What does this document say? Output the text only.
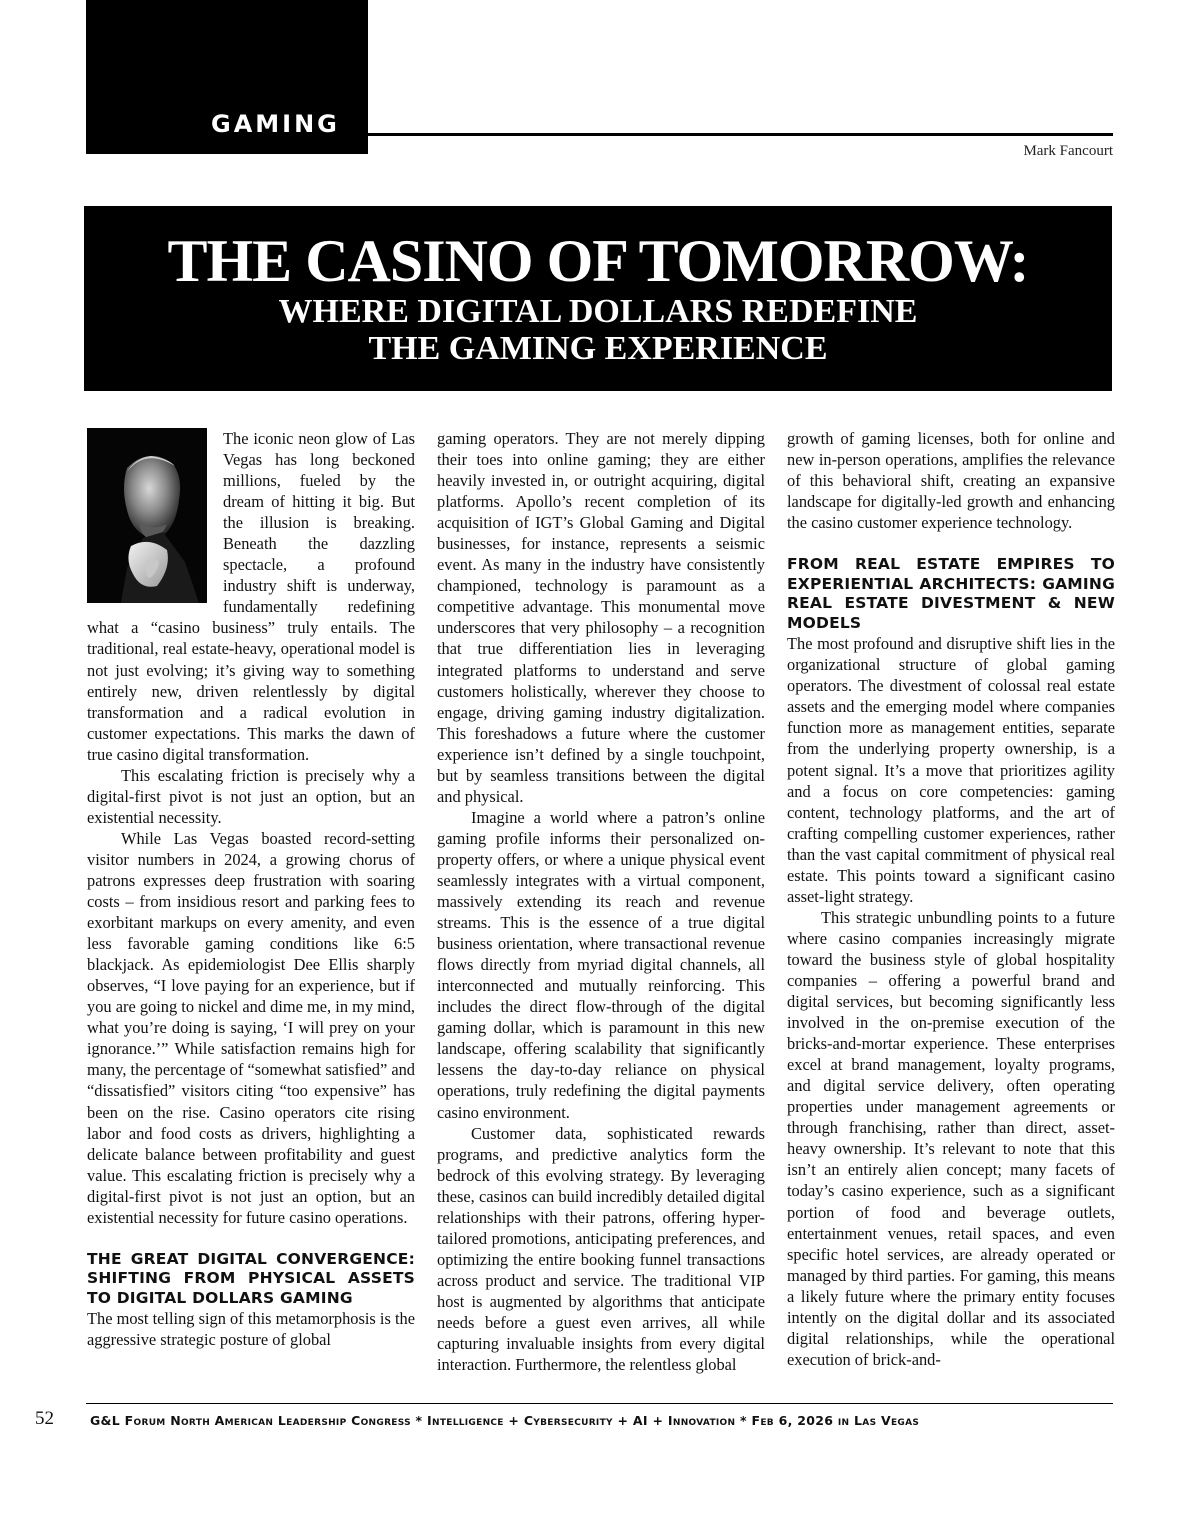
GAMING
Mark Fancourt
THE CASINO OF TOMORROW:
WHERE DIGITAL DOLLARS REDEFINE THE GAMING EXPERIENCE

The iconic neon glow of Las Vegas has long beckoned millions, fueled by the dream of hitting it big. But the illusion is breaking. Beneath the dazzling spectacle, a profound industry shift is underway, fundamentally redefining what a “casino business” truly entails. The traditional, real estate-heavy, operational model is not just evolving; it’s giving way to something entirely new, driven relentlessly by digital transformation and a radical evolution in customer expectations. This marks the dawn of true casino digital transformation.

This escalating friction is precisely why a digital-first pivot is not just an option, but an existential necessity.

While Las Vegas boasted record-setting visitor numbers in 2024, a growing chorus of patrons expresses deep frustration with soaring costs – from insidious resort and parking fees to exorbitant markups on every amenity, and even less favorable gaming conditions like 6:5 blackjack. As epidemiologist Dee Ellis sharply observes, “I love paying for an experience, but if you are going to nickel and dime me, in my mind, what you’re doing is saying, ‘I will prey on your ignorance.’” While satisfaction remains high for many, the percentage of “somewhat satisfied” and “dissatisfied” visitors citing “too expensive” has been on the rise. Casino operators cite rising labor and food costs as drivers, highlighting a delicate balance between profitability and guest value. This escalating friction is precisely why a digital-first pivot is not just an option, but an existential necessity for future casino operations.

THE GREAT DIGITAL CONVERGENCE: SHIFTING FROM PHYSICAL ASSETS TO DIGITAL DOLLARS GAMING

The most telling sign of this metamorphosis is the aggressive strategic posture of global

gaming operators. They are not merely dipping their toes into online gaming; they are either heavily invested in, or outright acquiring, digital platforms. Apollo’s recent completion of its acquisition of IGT’s Global Gaming and Digital businesses, for instance, represents a seismic event. As many in the industry have consistently championed, technology is paramount as a competitive advantage. This monumental move underscores that very philosophy – a recognition that true differentiation lies in leveraging integrated platforms to understand and serve customers holistically, wherever they choose to engage, driving gaming industry digitalization. This foreshadows a future where the customer experience isn’t defined by a single touchpoint, but by seamless transitions between the digital and physical.

Imagine a world where a patron’s online gaming profile informs their personalized on-property offers, or where a unique physical event seamlessly integrates with a virtual component, massively extending its reach and revenue streams. This is the essence of a true digital business orientation, where transactional revenue flows directly from myriad digital channels, all interconnected and mutually reinforcing. This includes the direct flow-through of the digital gaming dollar, which is paramount in this new landscape, offering scalability that significantly lessens the day-to-day reliance on physical operations, truly redefining the digital payments casino environment.

Customer data, sophisticated rewards programs, and predictive analytics form the bedrock of this evolving strategy. By leveraging these, casinos can build incredibly detailed digital relationships with their patrons, offering hyper-tailored promotions, anticipating preferences, and optimizing the entire booking funnel transactions across product and service. The traditional VIP host is augmented by algorithms that anticipate needs before a guest even arrives, all while capturing invaluable insights from every digital interaction. Furthermore, the relentless global

growth of gaming licenses, both for online and new in-person operations, amplifies the relevance of this behavioral shift, creating an expansive landscape for digitally-led growth and enhancing the casino customer experience technology.

FROM REAL ESTATE EMPIRES TO EXPERIENTIAL ARCHITECTS: GAMING REAL ESTATE DIVESTMENT & NEW MODELS

The most profound and disruptive shift lies in the organizational structure of global gaming operators. The divestment of colossal real estate assets and the emerging model where companies function more as management entities, separate from the underlying property ownership, is a potent signal. It’s a move that prioritizes agility and a focus on core competencies: gaming content, technology platforms, and the art of crafting compelling customer experiences, rather than the vast capital commitment of physical real estate. This points toward a significant casino asset-light strategy.

This strategic unbundling points to a future where casino companies increasingly migrate toward the business style of global hospitality companies – offering a powerful brand and digital services, but becoming significantly less involved in the on-premise execution of the bricks-and-mortar experience. These enterprises excel at brand management, loyalty programs, and digital service delivery, often operating properties under management agreements or through franchising, rather than direct, asset-heavy ownership. It’s relevant to note that this isn’t an entirely alien concept; many facets of today’s casino experience, such as a significant portion of food and beverage outlets, entertainment venues, retail spaces, and even specific hotel services, are already operated or managed by third parties. For gaming, this means a likely future where the primary entity focuses intently on the digital dollar and its associated digital relationships, while the operational execution of brick-and-

52	G&L Forum North American Leadership Congress * Intelligence + Cybersecurity + AI + Innovation * Feb 6, 2026 in Las Vegas
